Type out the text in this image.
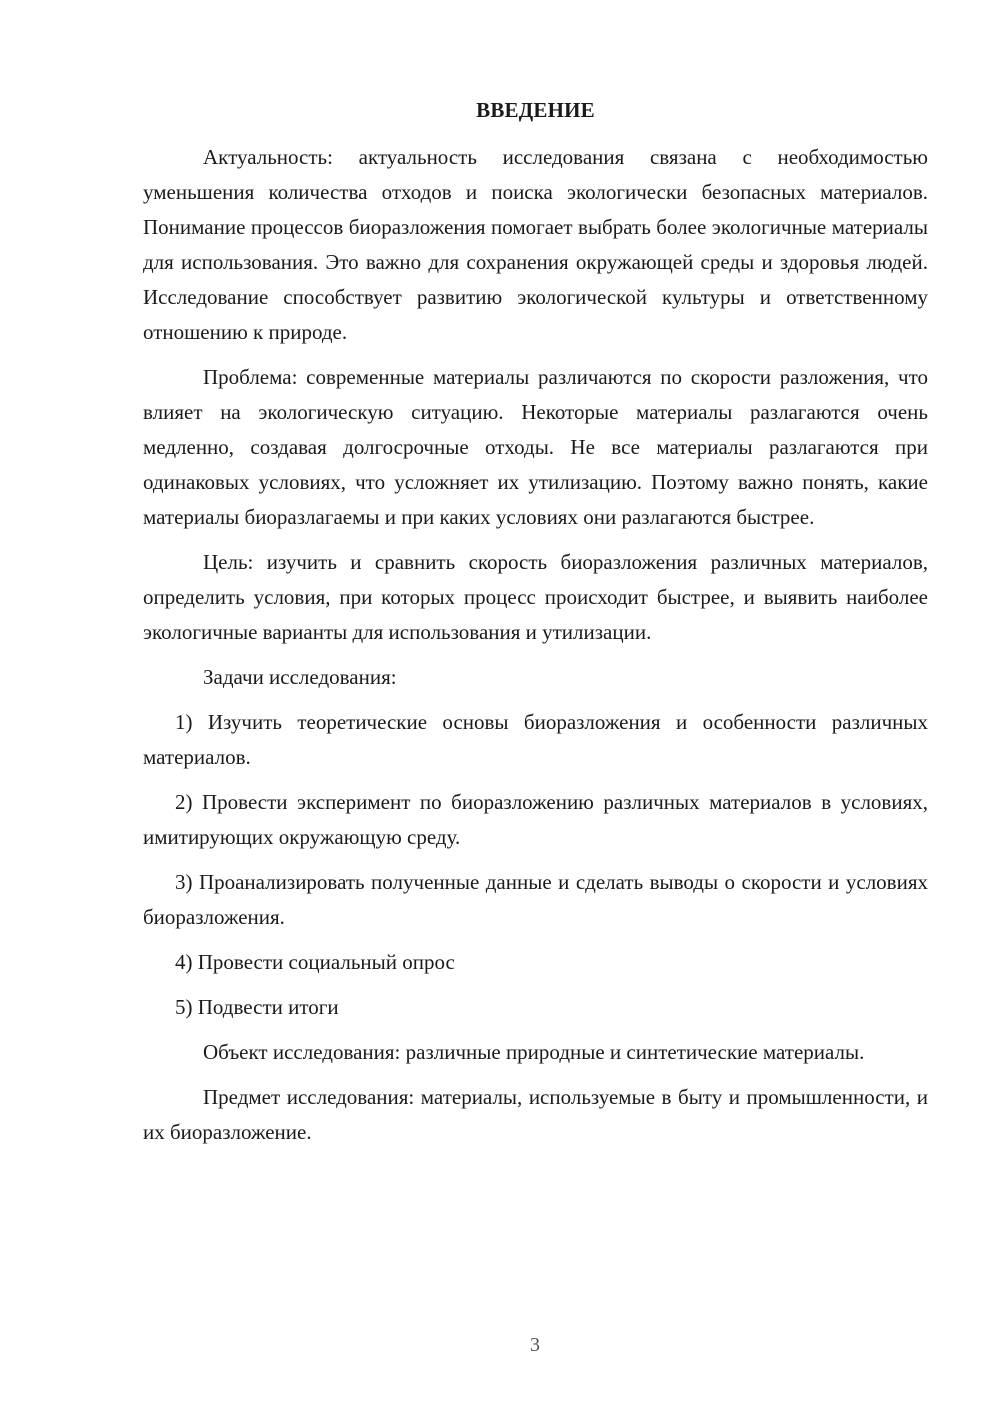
ВВЕДЕНИЕ

Актуальность: актуальность исследования связана с необходимостью уменьшения количества отходов и поиска экологически безопасных материалов. Понимание процессов биоразложения помогает выбрать более экологичные материалы для использования. Это важно для сохранения окружающей среды и здоровья людей. Исследование способствует развитию экологической культуры и ответственному отношению к природе.

Проблема: современные материалы различаются по скорости разложения, что влияет на экологическую ситуацию. Некоторые материалы разлагаются очень медленно, создавая долгосрочные отходы. Не все материалы разлагаются при одинаковых условиях, что усложняет их утилизацию. Поэтому важно понять, какие материалы биоразлагаемы и при каких условиях они разлагаются быстрее.

Цель: изучить и сравнить скорость биоразложения различных материалов, определить условия, при которых процесс происходит быстрее, и выявить наиболее экологичные варианты для использования и утилизации.

Задачи исследования:

1) Изучить теоретические основы биоразложения и особенности различных материалов.

2) Провести эксперимент по биоразложению различных материалов в условиях, имитирующих окружающую среду.

3) Проанализировать полученные данные и сделать выводы о скорости и условиях биоразложения.

4) Провести социальный опрос

5) Подвести итоги

Объект исследования: различные природные и синтетические материалы.

Предмет исследования: материалы, используемые в быту и промышленности, и их биоразложение.

3
